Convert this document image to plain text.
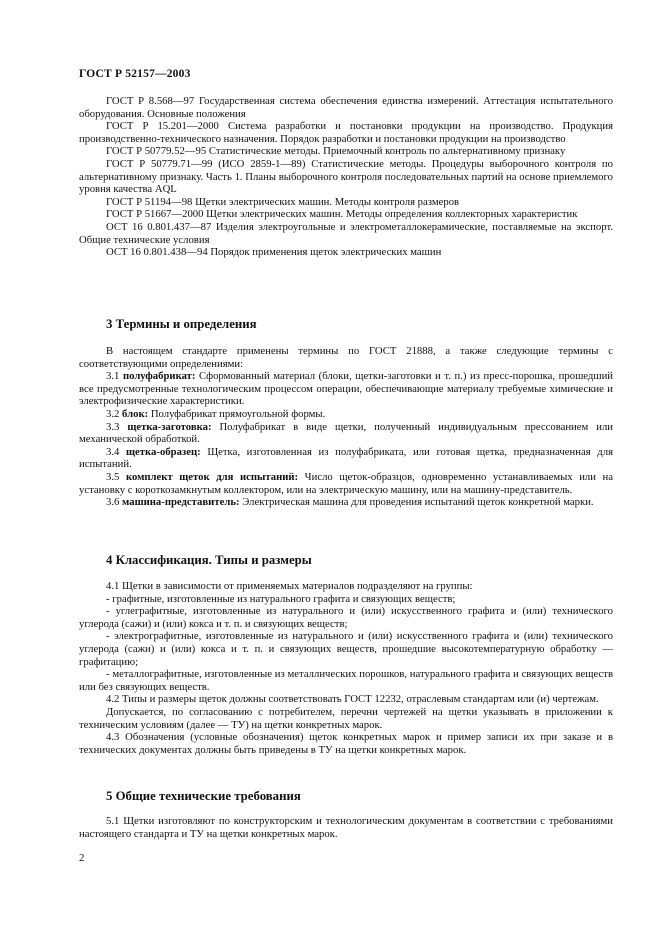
ГОСТ Р 52157—2003

ГОСТ Р 8.568—97 Государственная система обеспечения единства измерений. Аттестация испытательного оборудования. Основные положения

ГОСТ Р 15.201—2000 Система разработки и постановки продукции на производство. Продукция производственно-технического назначения. Порядок разработки и постановки продукции на производство

ГОСТ Р 50779.52—95 Статистические методы. Приемочный контроль по альтернативному признаку

ГОСТ Р 50779.71—99 (ИСО 2859-1—89) Статистические методы. Процедуры выборочного контроля по альтернативному признаку. Часть 1. Планы выборочного контроля последовательных партий на основе приемлемого уровня качества AQL

ГОСТ Р 51194—98 Щетки электрических машин. Методы контроля размеров

ГОСТ Р 51667—2000 Щетки электрических машин. Методы определения коллекторных характеристик

ОСТ 16 0.801.437—87 Изделия электроугольные и электрометаллокерамические, поставляемые на экспорт. Общие технические условия

ОСТ 16 0.801.438—94 Порядок применения щеток электрических машин

3 Термины и определения

В настоящем стандарте применены термины по ГОСТ 21888, а также следующие термины с соответствующими определениями:

3.1 полуфабрикат: Сформованный материал (блоки, щетки-заготовки и т. п.) из пресс-порошка, прошедший все предусмотренные технологическим процессом операции, обеспечивающие материалу требуемые химические и электрофизические характеристики.

3.2 блок: Полуфабрикат прямоугольной формы.

3.3 щетка-заготовка: Полуфабрикат в виде щетки, полученный индивидуальным прессованием или механической обработкой.

3.4 щетка-образец: Щетка, изготовленная из полуфабриката, или готовая щетка, предназначенная для испытаний.

3.5 комплект щеток для испытаний: Число щеток-образцов, одновременно устанавливаемых или на установку с короткозамкнутым коллектором, или на электрическую машину, или на машину-представитель.

3.6 машина-представитель: Электрическая машина для проведения испытаний щеток конкретной марки.

4 Классификация. Типы и размеры

4.1 Щетки в зависимости от применяемых материалов подразделяют на группы:

- графитные, изготовленные из натурального графита и связующих веществ;

- углеграфитные, изготовленные из натурального и (или) искусственного графита и (или) технического углерода (сажи) и (или) кокса и т. п. и связующих веществ;

- электрографитные, изготовленные из натурального и (или) искусственного графита и (или) технического углерода (сажи) и (или) кокса и т. п. и связующих веществ, прошедшие высокотемпературную обработку — графитацию;

- металлографитные, изготовленные из металлических порошков, натурального графита и связующих веществ или без связующих веществ.

4.2 Типы и размеры щеток должны соответствовать ГОСТ 12232, отраслевым стандартам или (и) чертежам.

Допускается, по согласованию с потребителем, перечни чертежей на щетки указывать в приложении к техническим условиям (далее — ТУ) на щетки конкретных марок.

4.3 Обозначения (условные обозначения) щеток конкретных марок и пример записи их при заказе и в технических документах должны быть приведены в ТУ на щетки конкретных марок.

5 Общие технические требования

5.1 Щетки изготовляют по конструкторским и технологическим документам в соответствии с требованиями настоящего стандарта и ТУ на щетки конкретных марок.

2
